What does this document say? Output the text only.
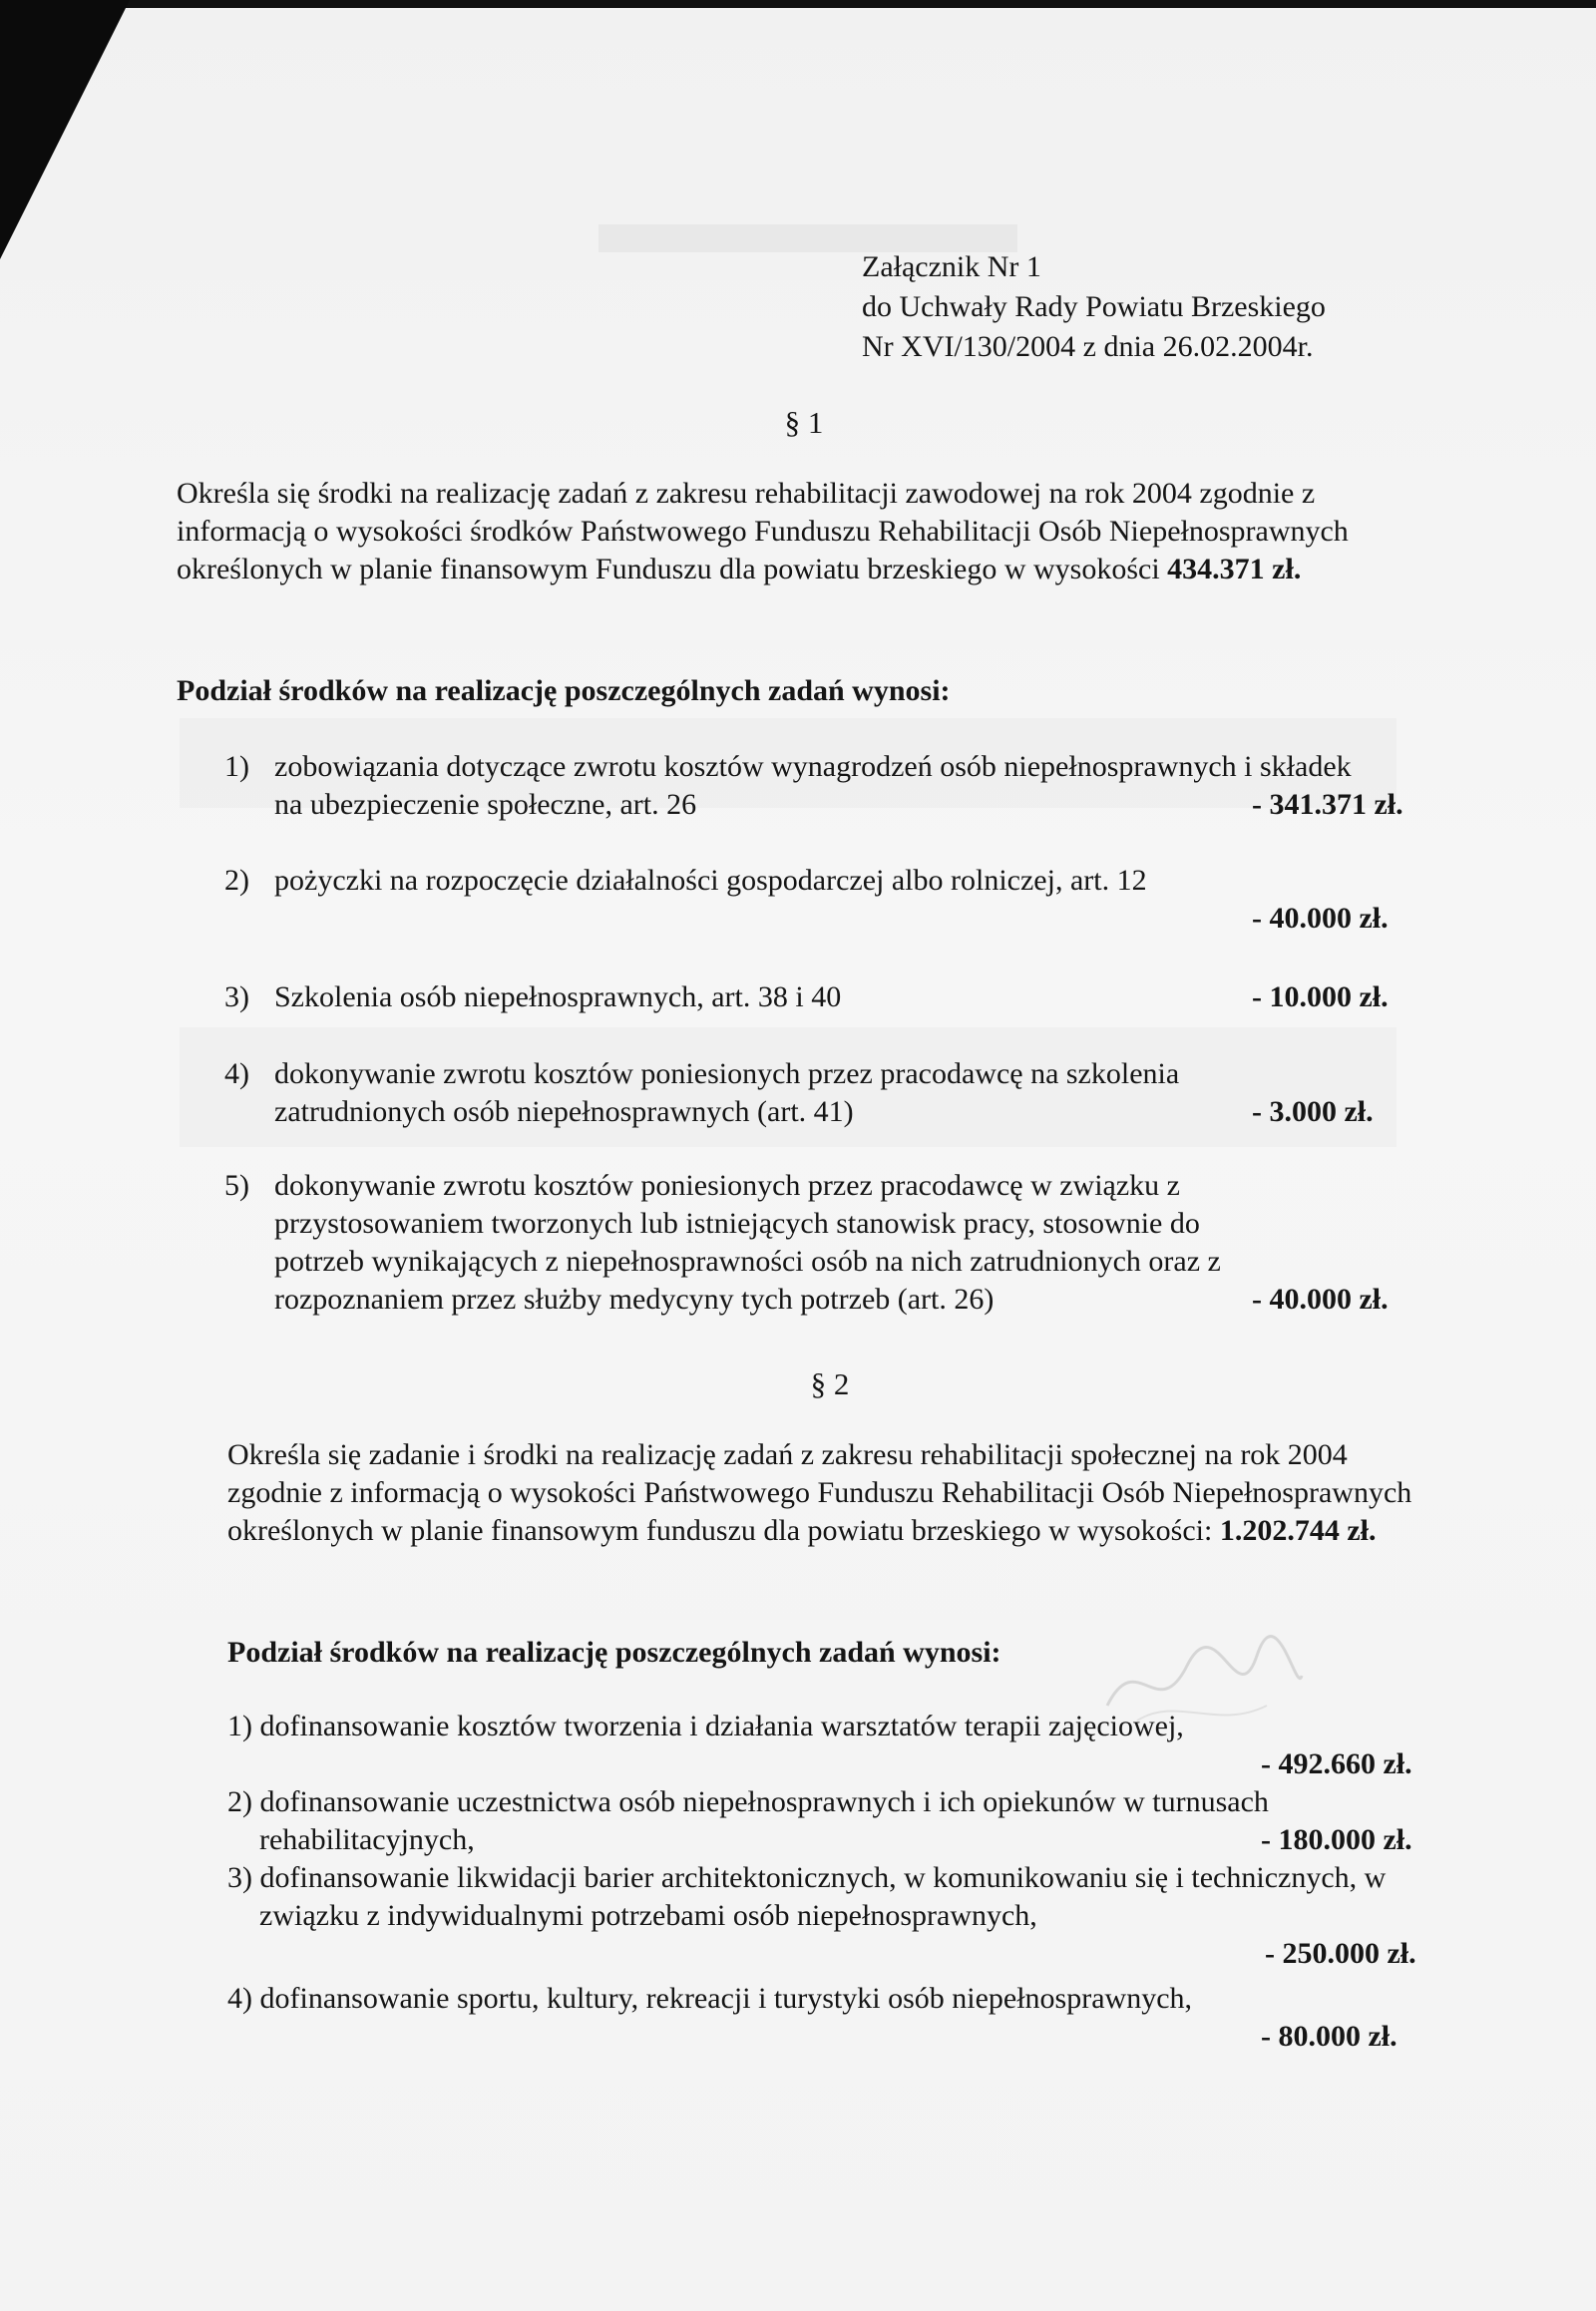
Załącznik Nr 1
do Uchwały Rady Powiatu Brzeskiego
Nr XVI/130/2004 z dnia 26.02.2004r.
§ 1
Określa się środki na realizację zadań z zakresu rehabilitacji zawodowej na rok 2004 zgodnie z informacją o wysokości środków Państwowego Funduszu Rehabilitacji Osób Niepełnosprawnych określonych w planie finansowym Funduszu dla powiatu brzeskiego w wysokości 434.371 zł.
Podział środków na realizację poszczególnych zadań wynosi:
1) zobowiązania dotyczące zwrotu kosztów wynagrodzeń osób niepełnosprawnych i składek na ubezpieczenie społeczne, art. 26	- 341.371 zł.
2) pożyczki na rozpoczęcie działalności gospodarczej albo rolniczej, art. 12
- 40.000 zł.
3) Szkolenia osób niepełnosprawnych, art. 38 i 40	- 10.000 zł.
4) dokonywanie zwrotu kosztów poniesionych przez pracodawcę na szkolenia zatrudnionych osób niepełnosprawnych (art. 41)	- 3.000 zł.
5) dokonywanie zwrotu kosztów poniesionych przez pracodawcę w związku z przystosowaniem tworzonych lub istniejących stanowisk pracy, stosownie do potrzeb wynikających z niepełnosprawności osób na nich zatrudnionych oraz z rozpoznaniem przez służby medycyny tych potrzeb (art. 26)	- 40.000 zł.
§ 2
Określa się zadanie i środki na realizację zadań z zakresu rehabilitacji społecznej na rok 2004 zgodnie z informacją o wysokości Państwowego Funduszu Rehabilitacji Osób Niepełnosprawnych określonych w planie finansowym funduszu dla powiatu brzeskiego w wysokości: 1.202.744 zł.
Podział środków na realizację poszczególnych zadań wynosi:
1) dofinansowanie kosztów tworzenia i działania warsztatów terapii zajęciowej,
- 492.660 zł.
2) dofinansowanie uczestnictwa osób niepełnosprawnych i ich opiekunów w turnusach rehabilitacyjnych,	- 180.000 zł.
3) dofinansowanie likwidacji barier architektonicznych, w komunikowaniu się i technicznych, w związku z indywidualnymi potrzebami osób niepełnosprawnych,
- 250.000 zł.
4) dofinansowanie sportu, kultury, rekreacji i turystyki osób niepełnosprawnych,
- 80.000 zł.
